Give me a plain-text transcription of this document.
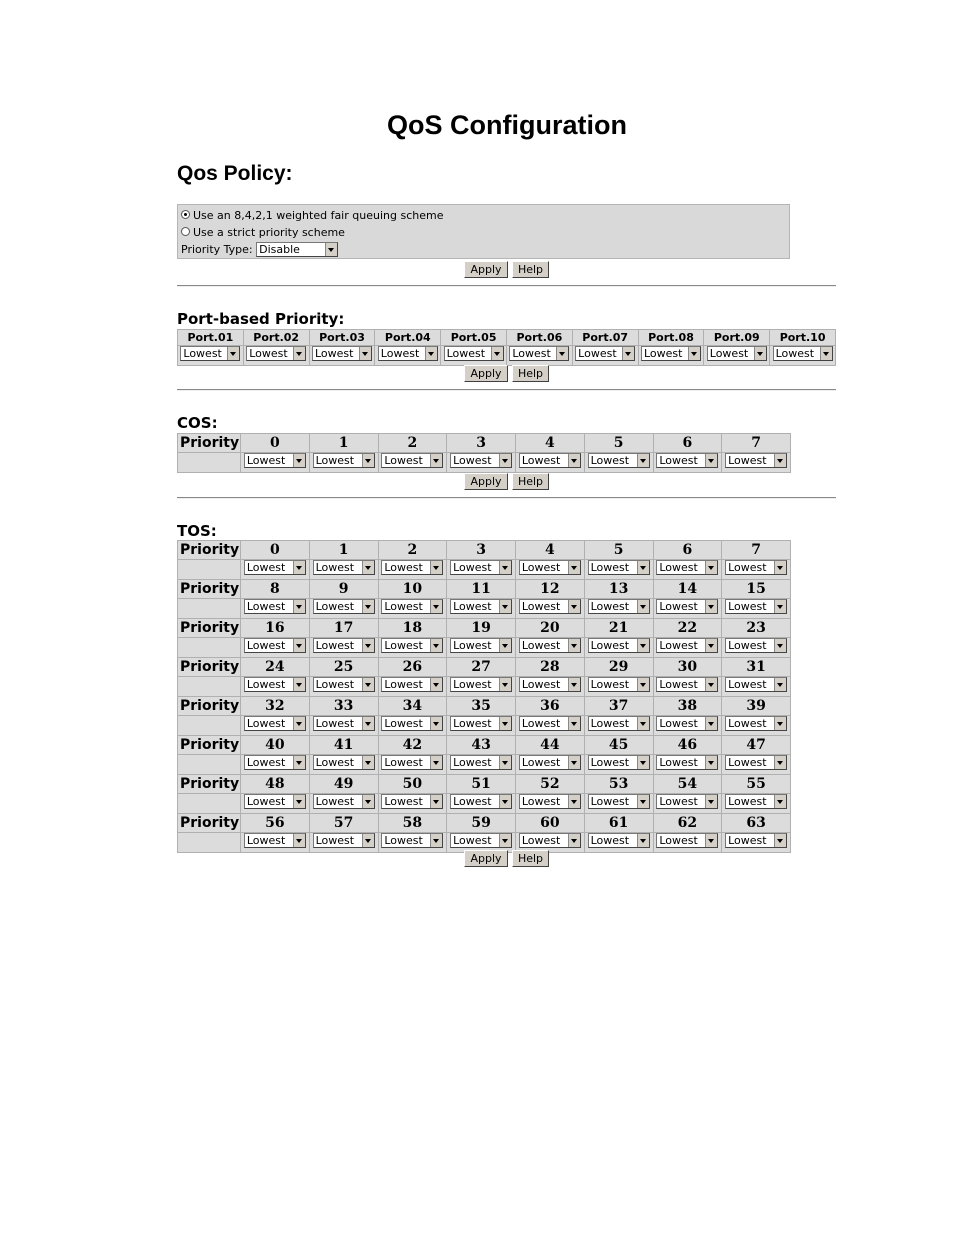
QoS Configuration
Qos Policy:
Use an 8,4,2,1 weighted fair queuing scheme
Use a strict priority scheme
Priority Type: Disable
Apply	Help
Port-based Priority:
Port.01	Port.02	Port.03	Port.04	Port.05	Port.06	Port.07	Port.08	Port.09	Port.10
Lowest	Lowest	Lowest	Lowest	Lowest	Lowest	Lowest	Lowest	Lowest	Lowest
Apply	Help
COS:
Priority	0	1	2	3	4	5	6	7
	Lowest	Lowest	Lowest	Lowest	Lowest	Lowest	Lowest	Lowest
Apply	Help
TOS:
Priority	0	1	2	3	4	5	6	7
	Lowest	Lowest	Lowest	Lowest	Lowest	Lowest	Lowest	Lowest

Priority	8	9	10	11	12	13	14	15
	Lowest	Lowest	Lowest	Lowest	Lowest	Lowest	Lowest	Lowest

Priority	16	17	18	19	20	21	22	23
	Lowest	Lowest	Lowest	Lowest	Lowest	Lowest	Lowest	Lowest

Priority	24	25	26	27	28	29	30	31
	Lowest	Lowest	Lowest	Lowest	Lowest	Lowest	Lowest	Lowest

Priority	32	33	34	35	36	37	38	39
	Lowest	Lowest	Lowest	Lowest	Lowest	Lowest	Lowest	Lowest

Priority	40	41	42	43	44	45	46	47
	Lowest	Lowest	Lowest	Lowest	Lowest	Lowest	Lowest	Lowest

Priority	48	49	50	51	52	53	54	55
	Lowest	Lowest	Lowest	Lowest	Lowest	Lowest	Lowest	Lowest

Priority	56	57	58	59	60	61	62	63
	Lowest	Lowest	Lowest	Lowest	Lowest	Lowest	Lowest	Lowest
Apply	Help
